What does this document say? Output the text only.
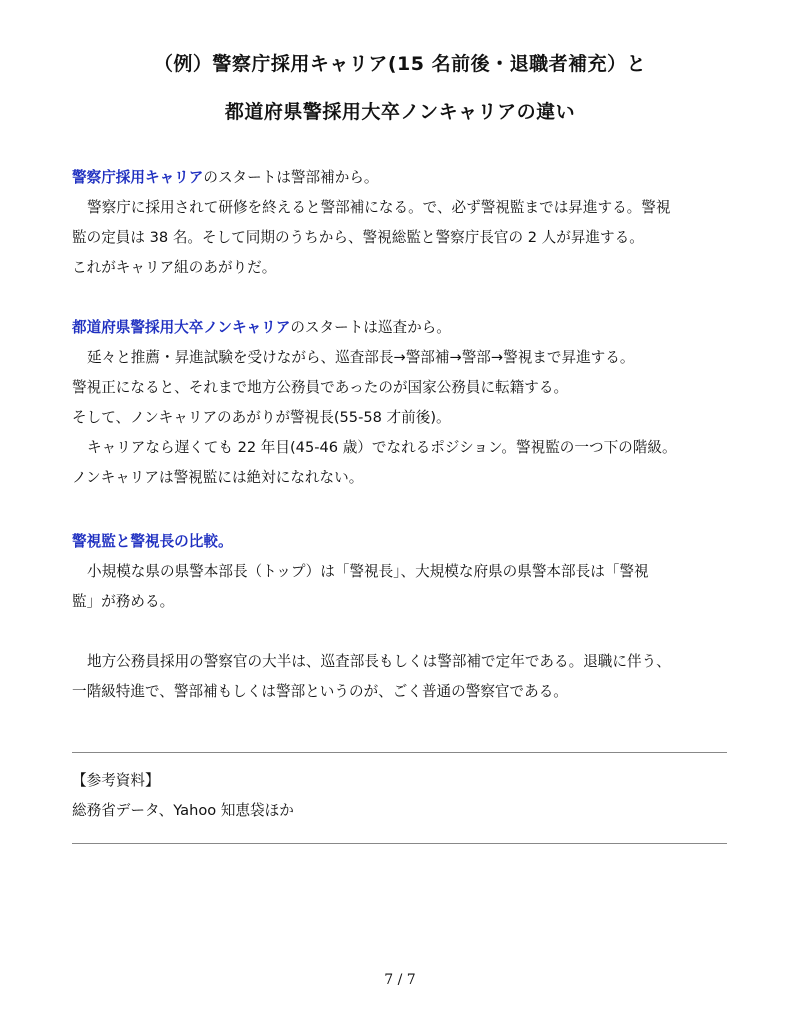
（例）警察庁採用キャリア(15 名前後・退職者補充）と
都道府県警採用大卒ノンキャリアの違い
警察庁採用キャリアのスタートは警部補から。
警察庁に採用されて研修を終えると警部補になる。で、必ず警視監までは昇進する。警視
監の定員は 38 名。そして同期のうちから、警視総監と警察庁長官の 2 人が昇進する。
これがキャリア組のあがりだ。
都道府県警採用大卒ノンキャリアのスタートは巡査から。
延々と推薦・昇進試験を受けながら、巡査部長→警部補→警部→警視まで昇進する。
警視正になると、それまで地方公務員であったのが国家公務員に転籍する。
そして、ノンキャリアのあがりが警視長(55-58 才前後)。
キャリアなら遅くても 22 年目(45-46 歳）でなれるポジション。警視監の一つ下の階級。
ノンキャリアは警視監には絶対になれない。
警視監と警視長の比較。
小規模な県の県警本部長（トップ）は「警視長」、大規模な府県の県警本部長は「警視
監」が務める。
地方公務員採用の警察官の大半は、巡査部長もしくは警部補で定年である。退職に伴う、
一階級特進で、警部補もしくは警部というのが、ごく普通の警察官である。
【参考資料】
総務省データ、Yahoo 知恵袋ほか
7 / 7
